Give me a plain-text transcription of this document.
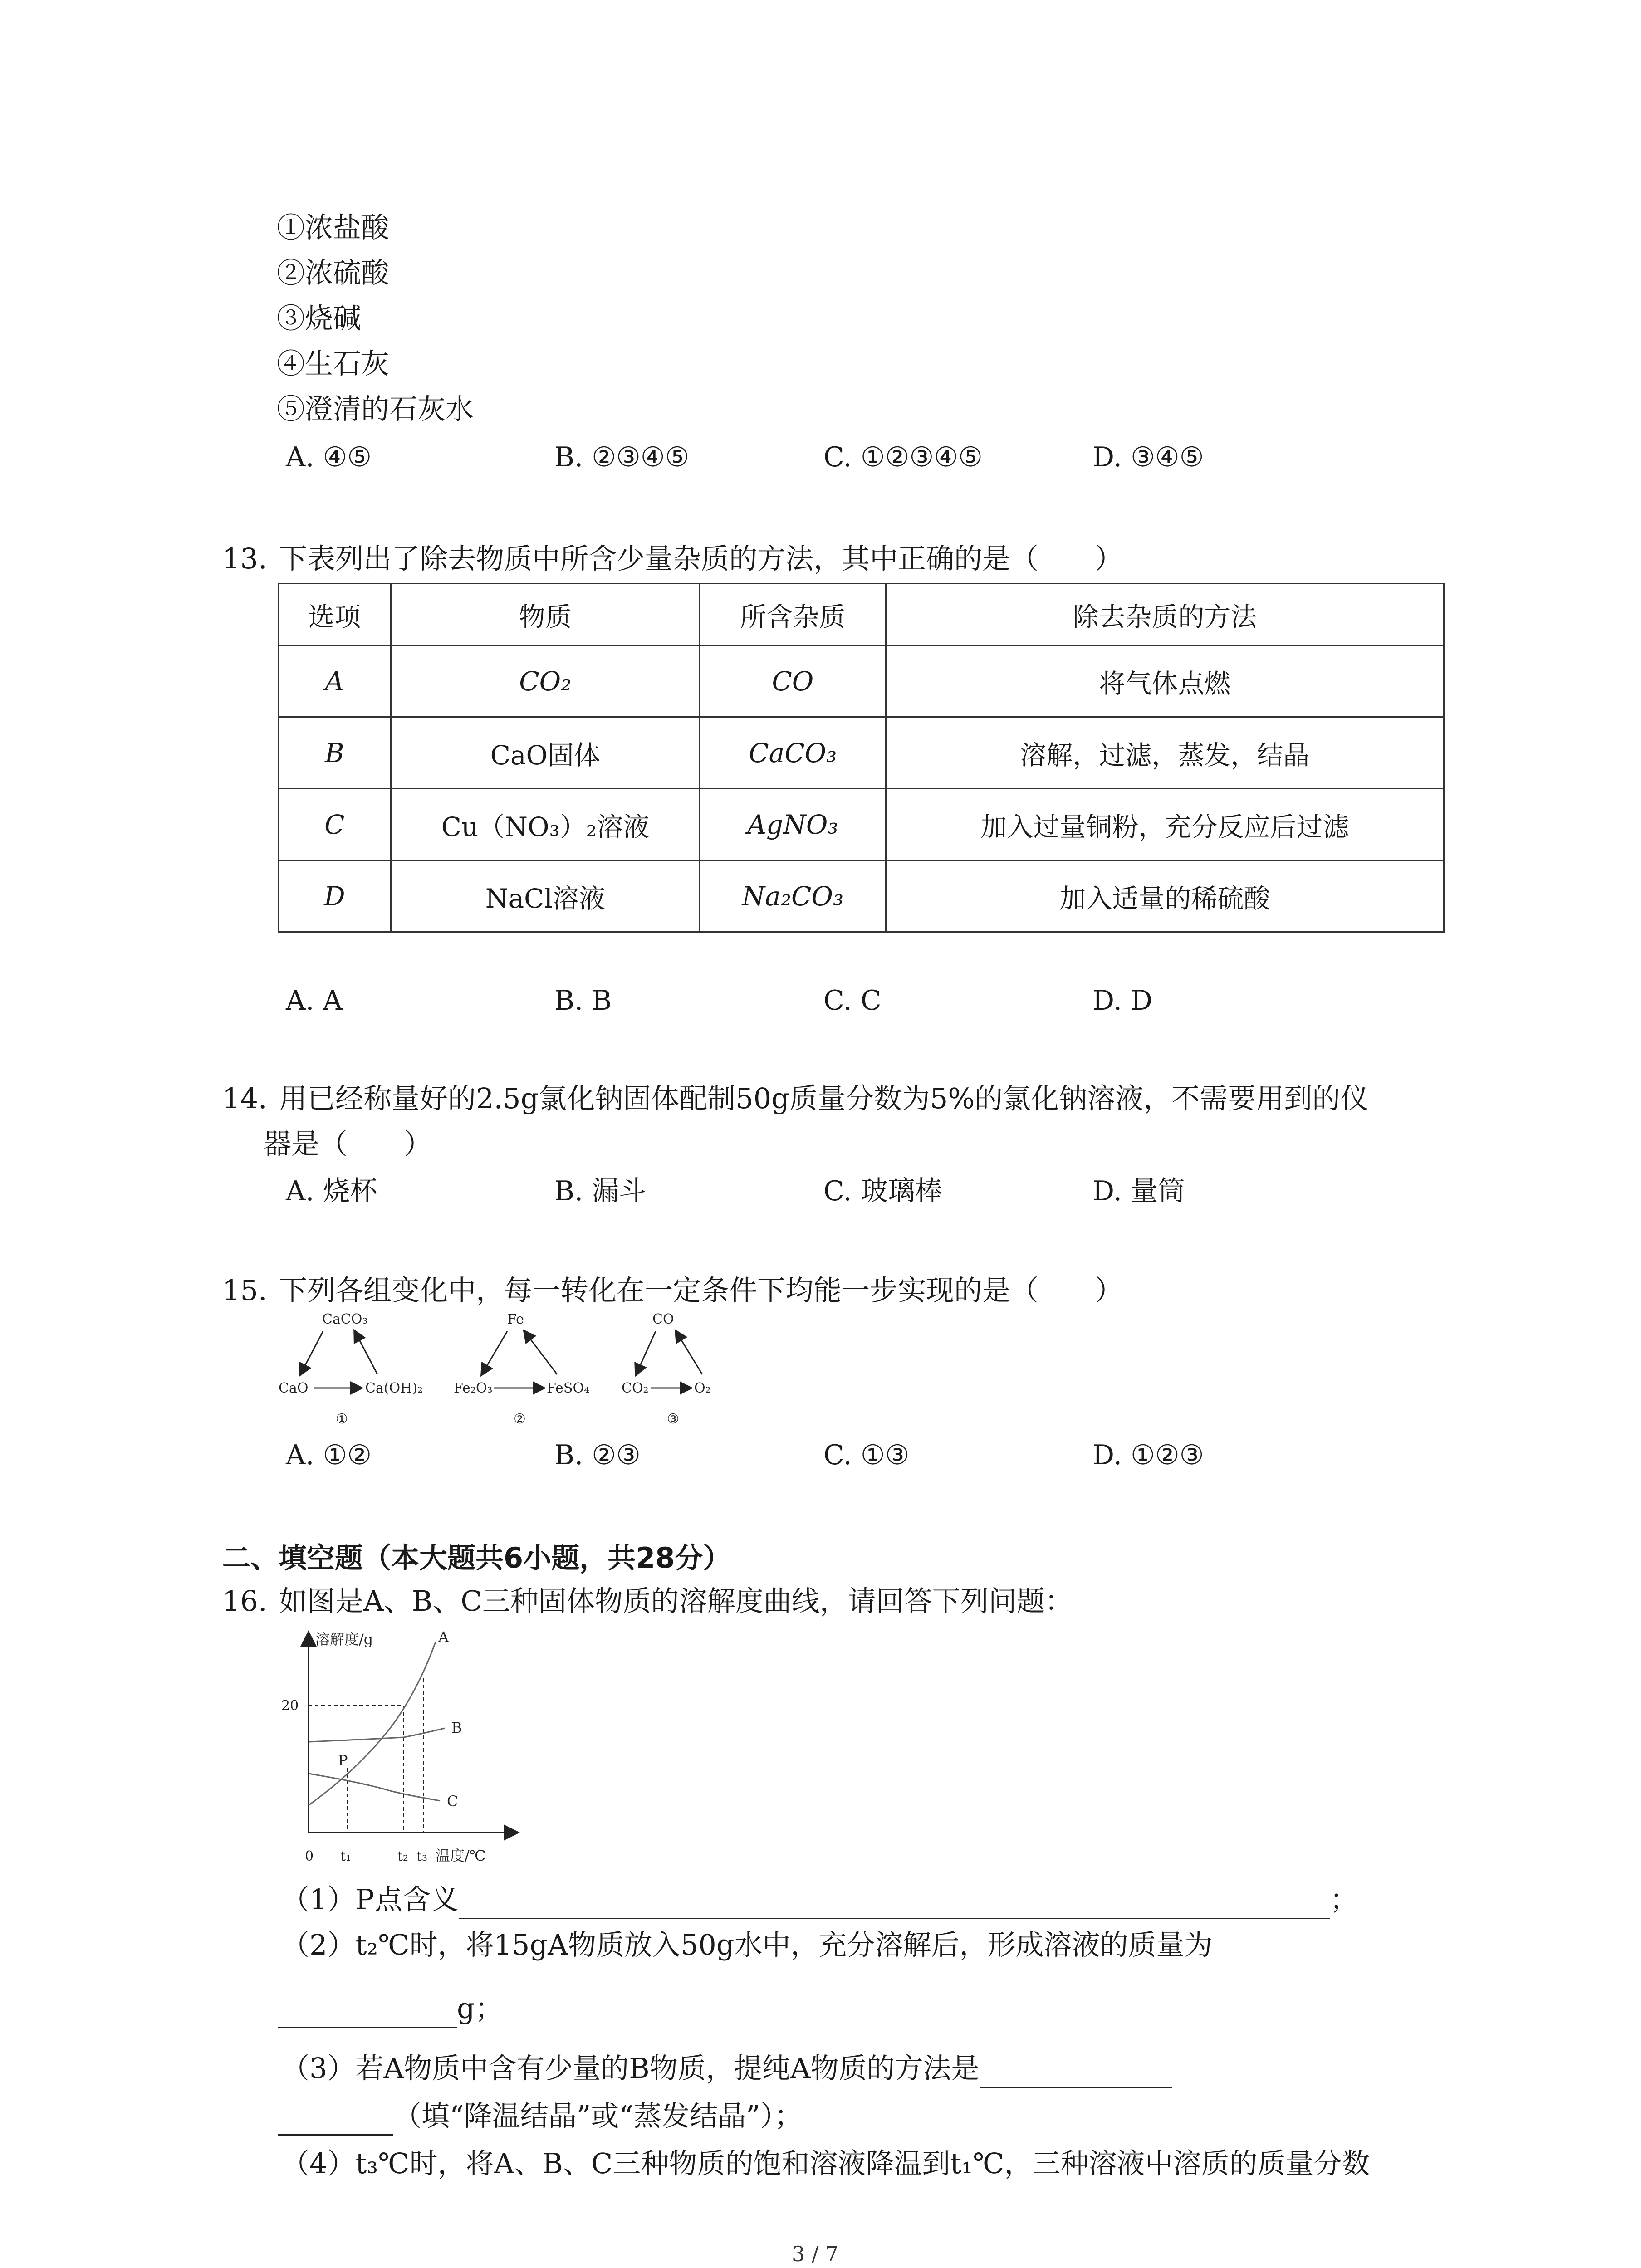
①浓盐酸
②浓硫酸
③烧碱
④生石灰
⑤澄清的石灰水
A. ④⑤	B. ②③④⑤	C. ①②③④⑤	D. ③④⑤
13. 下表列出了除去物质中所含少量杂质的方法，其中正确的是（　　）
选项	物质	所含杂质	除去杂质的方法
A	CO₂	CO	将气体点燃
B	CaO固体	CaCO₃	溶解，过滤，蒸发，结晶
C	Cu（NO₃）₂溶液	AgNO₃	加入过量铜粉，充分反应后过滤
D	NaCl溶液	Na₂CO₃	加入适量的稀硫酸
A. A	B. B	C. C	D. D
14. 用已经称量好的2.5g氯化钠固体配制50g质量分数为5%的氯化钠溶液，不需要用到的仪
器是（　　）
A. 烧杯	B. 漏斗	C. 玻璃棒	D. 量筒
15. 下列各组变化中，每一转化在一定条件下均能一步实现的是（　　）
CaCO₃
CaO	Ca(OH)₂
①
Fe
Fe₂O₃	FeSO₄
②
CO
CO₂	O₂
③
A. ①②	B. ②③	C. ①③	D. ①②③
二、填空题（本大题共6小题，共28分）
16. 如图是A、B、C三种固体物质的溶解度曲线，请回答下列问题：
溶解度/g
温度/℃
20
0 t₁	t₂ t₃
A
B
C
P
（1）P点含义	；
（2）t₂℃时，将15gA物质放入50g水中，充分溶解后，形成溶液的质量为
g；
（3）若A物质中含有少量的B物质，提纯A物质的方法是
（填“降温结晶”或“蒸发结晶”）；
（4）t₃℃时，将A、B、C三种物质的饱和溶液降温到t₁℃，三种溶液中溶质的质量分数
3 / 7
